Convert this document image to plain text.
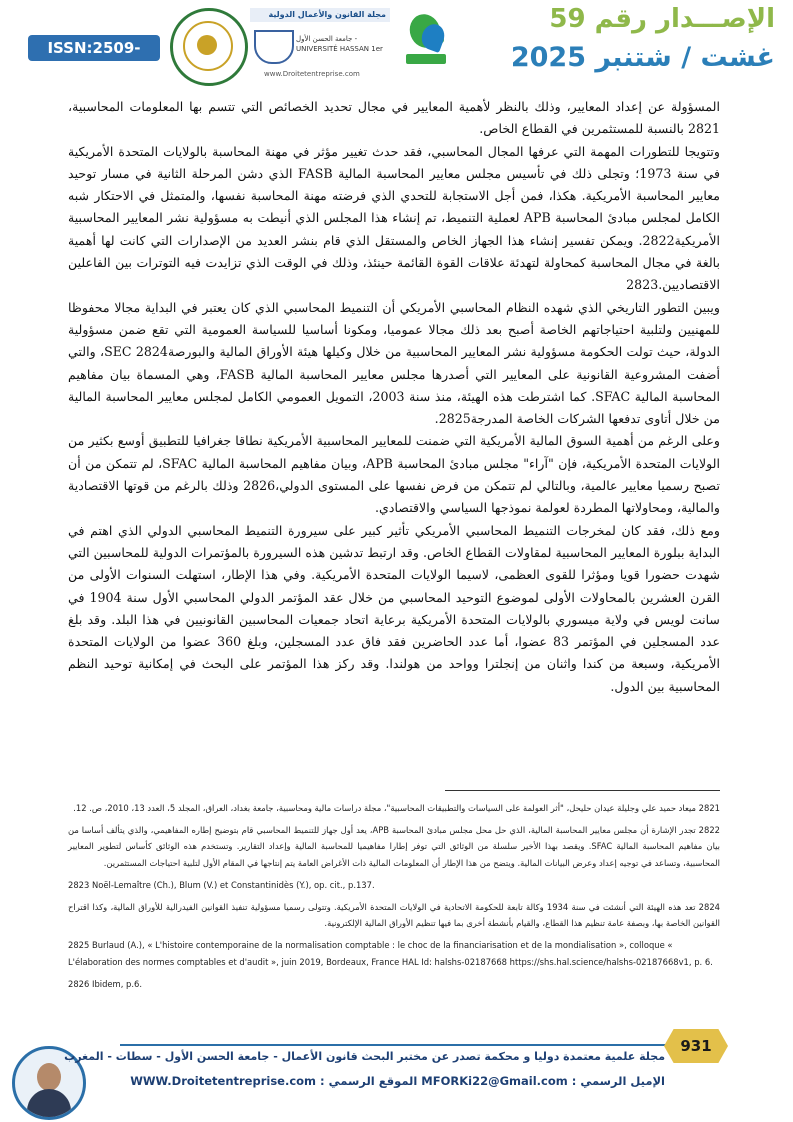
ISSN:2509-0291
مجلة القانون والأعمال الدولية
جامعة الحسن الأول - UNIVERSITÉ HASSAN 1er
www.Droitetentreprise.com
الإصـــدار رقم 59
غشت / شتنبر 2025

المسؤولة عن إعداد المعايير، وذلك بالنظر لأهمية المعايير في مجال تحديد الخصائص التي تتسم بها المعلومات المحاسبية، 2821 بالنسبة للمستثمرين في القطاع الخاص.

وتتويجا للتطورات المهمة التي عرفها المجال المحاسبي، فقد حدث تغيير مؤثر في مهنة المحاسبة بالولايات المتحدة الأمريكية في سنة 1973؛ وتجلى ذلك في تأسيس مجلس معايير المحاسبة المالية FASB الذي دشن المرحلة الثانية في مسار توحيد معايير المحاسبة الأمريكية. هكذا، فمن أجل الاستجابة للتحدي الذي فرضته مهنة المحاسبة نفسها، والمتمثل في الاحتكار شبه الكامل لمجلس مبادئ المحاسبة APB لعملية التنميط، تم إنشاء هذا المجلس الذي أنيطت به مسؤولية نشر المعايير المحاسبية الأمريكية2822. ويمكن تفسير إنشاء هذا الجهاز الخاص والمستقل الذي قام بنشر العديد من الإصدارات التي كانت لها أهمية بالغة في مجال المحاسبة كمحاولة لتهدئة علاقات القوة القائمة حينئذ، وذلك في الوقت الذي تزايدت فيه التوترات بين الفاعلين الاقتصاديين.2823

ويبين التطور التاريخي الذي شهده النظام المحاسبي الأمريكي أن التنميط المحاسبي الذي كان يعتبر في البداية مجالا محفوظا للمهنيين ولتلبية احتياجاتهم الخاصة أصبح بعد ذلك مجالا عموميا، ومكونا أساسيا للسياسة العمومية التي تقع ضمن مسؤولية الدولة، حيث تولت الحكومة مسؤولية نشر المعايير المحاسبية من خلال وكيلها هيئة الأوراق المالية والبورصة2824 SEC، والتي أضفت المشروعية القانونية على المعايير التي أصدرها مجلس معايير المحاسبة المالية FASB، وهي المسماة بيان مفاهيم المحاسبة المالية SFAC. كما اشترطت هذه الهيئة، منذ سنة 2003، التمويل العمومي الكامل لمجلس معايير المحاسبة المالية من خلال أتاوى تدفعها الشركات الخاصة المدرجة2825.

وعلى الرغم من أهمية السوق المالية الأمريكية التي ضمنت للمعايير المحاسبية الأمريكية نطاقا جغرافيا للتطبيق أوسع بكثير من الولايات المتحدة الأمريكية، فإن "آراء" مجلس مبادئ المحاسبة APB، وبيان مفاهيم المحاسبة المالية SFAC، لم تتمكن من أن تصبح رسميا معايير عالمية، وبالتالي لم تتمكن من فرض نفسها على المستوى الدولي،2826 وذلك بالرغم من قوتها الاقتصادية والمالية، ومحاولاتها المطردة لعولمة نموذجها السياسي والاقتصادي.

ومع ذلك، فقد كان لمخرجات التنميط المحاسبي الأمريكي تأثير كبير على سيرورة التنميط المحاسبي الدولي الذي اهتم في البداية ببلورة المعايير المحاسبية لمقاولات القطاع الخاص. وقد ارتبط تدشين هذه السيرورة بالمؤتمرات الدولية للمحاسبين التي شهدت حضورا قويا ومؤثرا للقوى العظمى، لاسيما الولايات المتحدة الأمريكية. وفي هذا الإطار، استهلت السنوات الأولى من القرن العشرين بالمحاولات الأولى لموضوع التوحيد المحاسبي من خلال عقد المؤتمر الدولي المحاسبي الأول سنة 1904 في سانت لويس في ولاية ميسوري بالولايات المتحدة الأمريكية برعاية اتحاد جمعيات المحاسبين القانونيين في هذا البلد. وقد بلغ عدد المسجلين في المؤتمر 83 عضوا، أما عدد الحاضرين فقد فاق عدد المسجلين، وبلغ 360 عضوا من الولايات المتحدة الأمريكية، وسبعة من كندا واثنان من إنجلترا وواحد من هولندا. وقد ركز هذا المؤتمر على البحث في إمكانية توحيد النظم المحاسبية بين الدول.

2821 ميعاد حميد علي وجليلة عيدان حليحل، "أثر العولمة على السياسات والتطبيقات المحاسبية"، مجلة دراسات مالية ومحاسبية، جامعة بغداد، العراق، المجلد 5، العدد 13، 2010، ص. 12.

2822 تجدر الإشارة أن مجلس معايير المحاسبة المالية، الذي حل محل مجلس مبادئ المحاسبة APB، يعد أول جهاز للتنميط المحاسبي قام بتوضيح إطاره المفاهيمي، والذي يتألف أساسا من بيان مفاهيم المحاسبة المالية SFAC. ويقصد بهذا الأخير سلسلة من الوثائق التي توفر إطارا مفاهيميا للمحاسبة المالية وإعداد التقارير. وتستخدم هذه الوثائق كأساس لتطوير المعايير المحاسبية، وتساعد في توجيه إعداد وعرض البيانات المالية. ويتضح من هذا الإطار أن المعلومات المالية ذات الأغراض العامة يتم إنتاجها في المقام الأول لتلبية احتياجات المستثمرين.

2823 Noël-Lemaître (Ch.), Blum (V.) et Constantinidès (Y.), op. cit., p.137.

2824 تعد هذه الهيئة التي أنشئت في سنة 1934 وكالة تابعة للحكومة الاتحادية في الولايات المتحدة الأمريكية. وتتولى رسميا مسؤولية تنفيذ القوانين الفيدرالية للأوراق المالية، وكذا اقتراح القوانين الخاصة بها، وبصفة عامة تنظيم هذا القطاع، والقيام بأنشطة أخرى بما فيها تنظيم الأوراق المالية الإلكترونية.

2825 Burlaud (A.), « L'histoire contemporaine de la normalisation comptable : le choc de la financiarisation et de la mondialisation », colloque « L'élaboration des normes comptables et d'audit », juin 2019, Bordeaux, France HAL Id: halshs-02187668 https://shs.hal.science/halshs-02187668v1, p. 6.

2826 Ibidem, p.6.

931
مجلة علمية معتمدة دوليا و محكمة تصدر عن مختبر البحث قانون الأعمال - جامعة الحسن الأول - سطات - المغرب
الإميل الرسمي : MFORKi22@Gmail.com الموقع الرسمي : WWW.Droitetentreprise.com
